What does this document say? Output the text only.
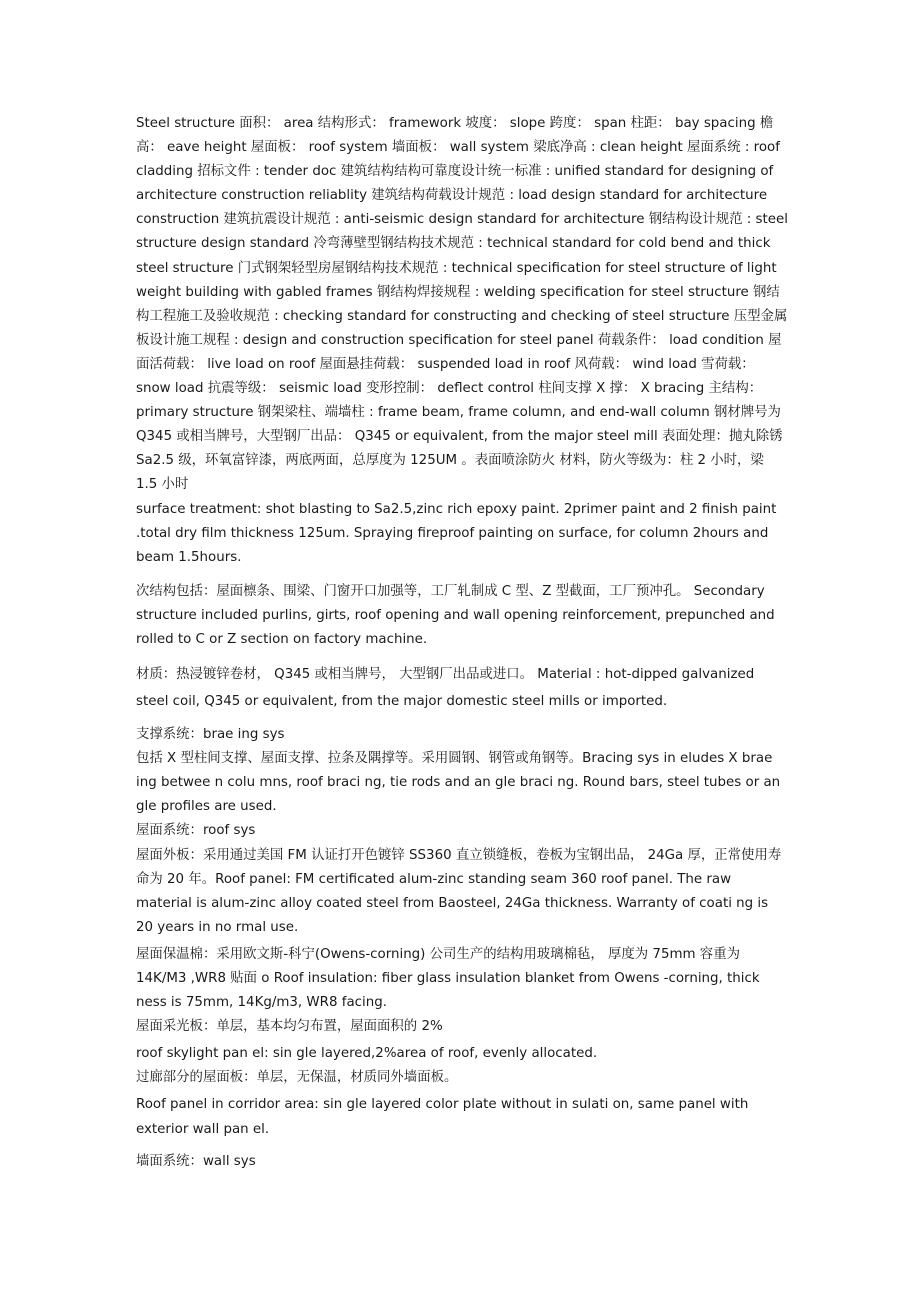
Steel structure 面积： area 结构形式： framework 坡度： slope 跨度： span 柱距： bay spacing 檐高： eave height 屋面板： roof system 墙面板： wall system 梁底净高 : clean height 屋面系统 : roof cladding 招标文件 : tender doc 建筑结构结构可靠度设计统一标准 : unified standard for designing of architecture construction reliablity 建筑结构荷载设计规范 : load design standard for architecture construction 建筑抗震设计规范 : anti-seismic design standard for architecture 钢结构设计规范 : steel structure design standard 冷弯薄壁型钢结构技术规范 : technical standard for cold bend and thick steel structure 门式钢架轻型房屋钢结构技术规范 : technical specification for steel structure of light weight building with gabled frames 钢结构焊接规程 : welding specification for steel structure 钢结构工程施工及验收规范 : checking standard for constructing and checking of steel structure 压型金属板设计施工规程 : design and construction specification for steel panel 荷载条件： load condition 屋面活荷载： live load on roof 屋面悬挂荷载： suspended load in roof 风荷载： wind load 雪荷载： snow load 抗震等级： seismic load 变形控制： deflect control 柱间支撑 X 撑： X bracing 主结构： primary structure 钢架梁柱、端墙柱 : frame beam, frame column, and end-wall column 钢材牌号为 Q345 或相当牌号，大型钢厂出品： Q345 or equivalent, from the major steel mill 表面处理：抛丸除锈 Sa2.5 级，环氧富锌漆，两底两面，总厚度为 125UM 。表面喷涂防火 材料，防火等级为：柱 2 小时，梁 1.5 小时

surface treatment: shot blasting to Sa2.5,zinc rich epoxy paint. 2primer paint and 2 finish paint .total dry film thickness 125um. Spraying fireproof painting on surface, for column 2hours and beam 1.5hours.

次结构包括：屋面檩条、围梁、门窗开口加强等，工厂轧制成 C 型、Z 型截面，工厂预冲孔。 Secondary structure included purlins, girts, roof opening and wall opening reinforcement, prepunched and rolled to C or Z section on factory machine.

材质：热浸镀锌卷材， Q345 或相当牌号， 大型钢厂出品或进口。 Material : hot-dipped galvanized steel coil, Q345 or equivalent, from the major domestic steel mills or imported.

支撑系统：brae ing sys

包括 X 型柱间支撑、屋面支撑、拉条及隅撑等。采用圆钢、钢管或角钢等。Bracing sys in eludes X brae ing betwee n colu mns, roof braci ng, tie rods and an gle braci ng. Round bars, steel tubes or an gle profiles are used.

屋面系统：roof sys

屋面外板：采用通过美国 FM 认证打开色镀锌 SS360 直立锁缝板，卷板为宝钢出品， 24Ga 厚，正常使用寿命为 20 年。Roof panel: FM certificated alum-zinc standing seam 360 roof panel. The raw material is alum-zinc alloy coated steel from Baosteel, 24Ga thickness. Warranty of coati ng is 20 years in no rmal use.

屋面保温棉：采用欧文斯-科宁(Owens-corning) 公司生产的结构用玻璃棉毡， 厚度为 75mm 容重为 14K/M3 ,WR8 贴面 o Roof insulation: fiber glass insulation blanket from Owens -corning, thick ness is 75mm, 14Kg/m3, WR8 facing.

屋面采光板：单层，基本均匀布置，屋面面积的 2%

roof skylight pan el: sin gle layered,2%area of roof, evenly allocated.

过廊部分的屋面板：单层，无保温，材质同外墙面板。

Roof panel in corridor area: sin gle layered color plate without in sulati on, same panel with exterior wall pan el.

墙面系统：wall sys
